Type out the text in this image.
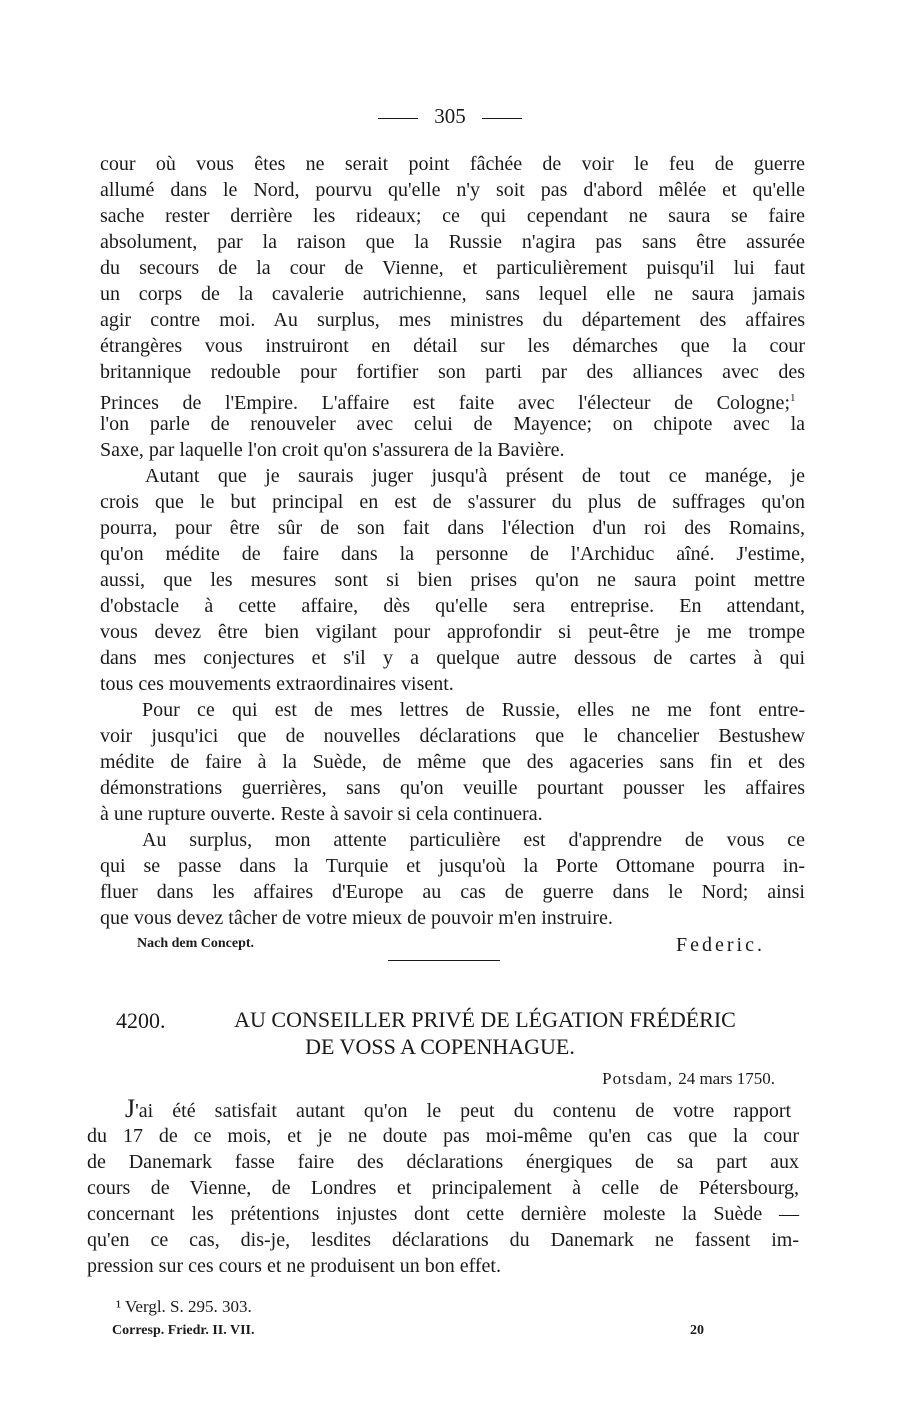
305
cour où vous êtes ne serait point fâchée de voir le feu de guerre
allumé dans le Nord, pourvu qu'elle n'y soit pas d'abord mêlée et qu'elle
sache rester derrière les rideaux; ce qui cependant ne saura se faire
absolument, par la raison que la Russie n'agira pas sans être assurée
du secours de la cour de Vienne, et particulièrement puisqu'il lui faut
un corps de la cavalerie autrichienne, sans lequel elle ne saura jamais
agir contre moi. Au surplus, mes ministres du département des affaires
étrangères vous instruiront en détail sur les démarches que la cour
britannique redouble pour fortifier son parti par des alliances avec des
Princes de l'Empire. L'affaire est faite avec l'électeur de Cologne;$^1$
l'on parle de renouveler avec celui de Mayence; on chipote avec la
Saxe, par laquelle l'on croit qu'on s'assurera de la Bavière.
Autant que je saurais juger jusqu'à présent de tout ce manége, je
crois que le but principal en est de s'assurer du plus de suffrages qu'on
pourra, pour être sûr de son fait dans l'élection d'un roi des Romains,
qu'on médite de faire dans la personne de l'Archiduc aîné. J'estime,
aussi, que les mesures sont si bien prises qu'on ne saura point mettre
d'obstacle à cette affaire, dès qu'elle sera entreprise. En attendant,
vous devez être bien vigilant pour approfondir si peut-être je me trompe
dans mes conjectures et s'il y a quelque autre dessous de cartes à qui
tous ces mouvements extraordinaires visent.
Pour ce qui est de mes lettres de Russie, elles ne me font entre-
voir jusqu'ici que de nouvelles déclarations que le chancelier Bestushew
médite de faire à la Suède, de même que des agaceries sans fin et des
démonstrations guerrières, sans qu'on veuille pourtant pousser les affaires
à une rupture ouverte. Reste à savoir si cela continuera.
Au surplus, mon attente particulière est d'apprendre de vous ce
qui se passe dans la Turquie et jusqu'où la Porte Ottomane pourra in-
fluer dans les affaires d'Europe au cas de guerre dans le Nord; ainsi
que vous devez tâcher de votre mieux de pouvoir m'en instruire.
Nach dem Concept.	Federic.
4200.	AU CONSEILLER PRIVÉ DE LÉGATION FRÉDÉRIC
DE VOSS A COPENHAGUE.
Potsdam, 24 mars 1750.
J'ai été satisfait autant qu'on le peut du contenu de votre rapport
du 17 de ce mois, et je ne doute pas moi-même qu'en cas que la cour
de Danemark fasse faire des déclarations énergiques de sa part aux
cours de Vienne, de Londres et principalement à celle de Pétersbourg,
concernant les prétentions injustes dont cette dernière moleste la Suède —
qu'en ce cas, dis-je, lesdites déclarations du Danemark ne fassent im-
pression sur ces cours et ne produisent un bon effet.
¹ Vergl. S. 295. 303.
Corresp. Friedr. II. VII.	20
